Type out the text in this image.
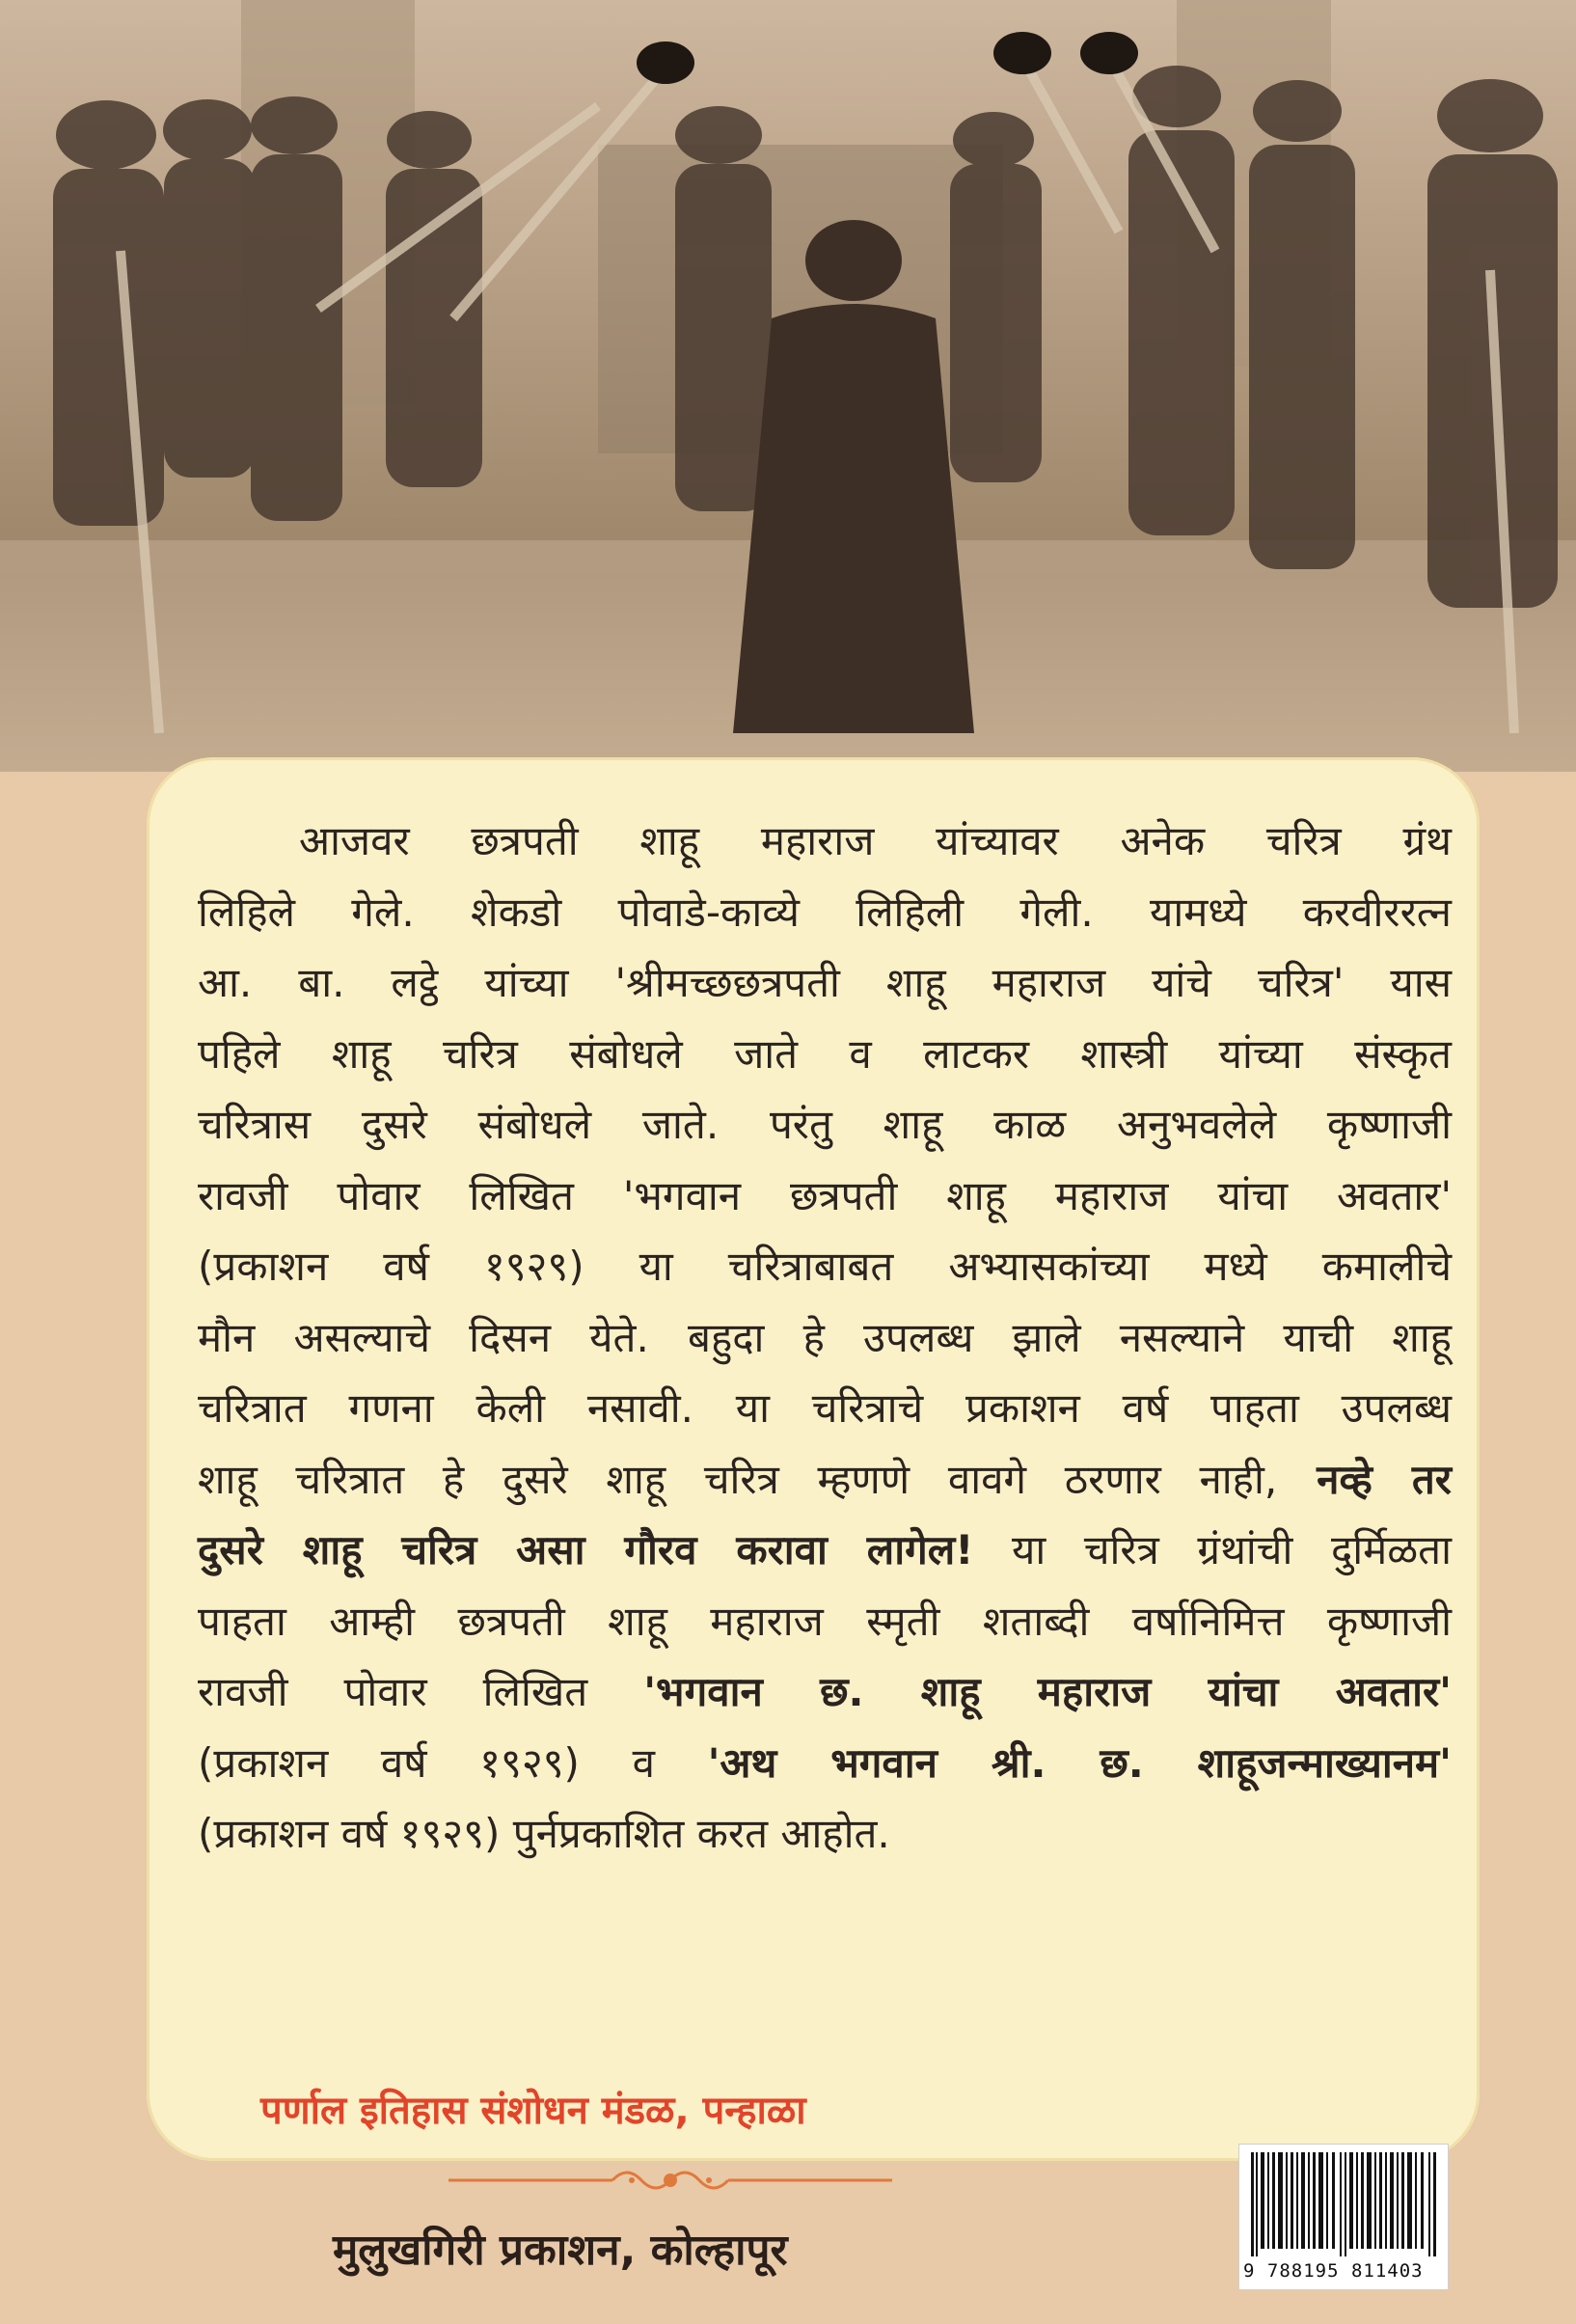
आजवर छत्रपती शाहू महाराज यांच्यावर अनेक चरित्र ग्रंथ
लिहिले गेले. शेकडो पोवाडे-काव्ये लिहिली गेली. यामध्ये करवीररत्न
आ. बा. लट्ठे यांच्या 'श्रीमच्छछत्रपती शाहू महाराज यांचे चरित्र' यास
पहिले शाहू चरित्र संबोधले जाते व लाटकर शास्त्री यांच्या संस्कृत
चरित्रास दुसरे संबोधले जाते. परंतु शाहू काळ अनुभवलेले कृष्णाजी
रावजी पोवार लिखित 'भगवान छत्रपती शाहू महाराज यांचा अवतार'
(प्रकाशन वर्ष १९२९) या चरित्राबाबत अभ्यासकांच्या मध्ये कमालीचे
मौन असल्याचे दिसन येते. बहुदा हे उपलब्ध झाले नसल्याने याची शाहू
चरित्रात गणना केली नसावी. या चरित्राचे प्रकाशन वर्ष पाहता उपलब्ध
शाहू चरित्रात हे दुसरे शाहू चरित्र म्हणणे वावगे ठरणार नाही, नव्हे तर
दुसरे शाहू चरित्र असा गौरव करावा लागेल! या चरित्र ग्रंथांची दुर्मिळता
पाहता आम्ही छत्रपती शाहू महाराज स्मृती शताब्दी वर्षानिमित्त कृष्णाजी
रावजी पोवार लिखित 'भगवान छ. शाहू महाराज यांचा अवतार'
(प्रकाशन वर्ष १९२९) व 'अथ भगवान श्री. छ. शाहूजन्माख्यानम'
(प्रकाशन वर्ष १९२९) पुर्नप्रकाशित करत आहोत.

पर्णाल इतिहास संशोधन मंडळ, पन्हाळा

मुलुखगिरी प्रकाशन, कोल्हापूर	9 788195 811403
